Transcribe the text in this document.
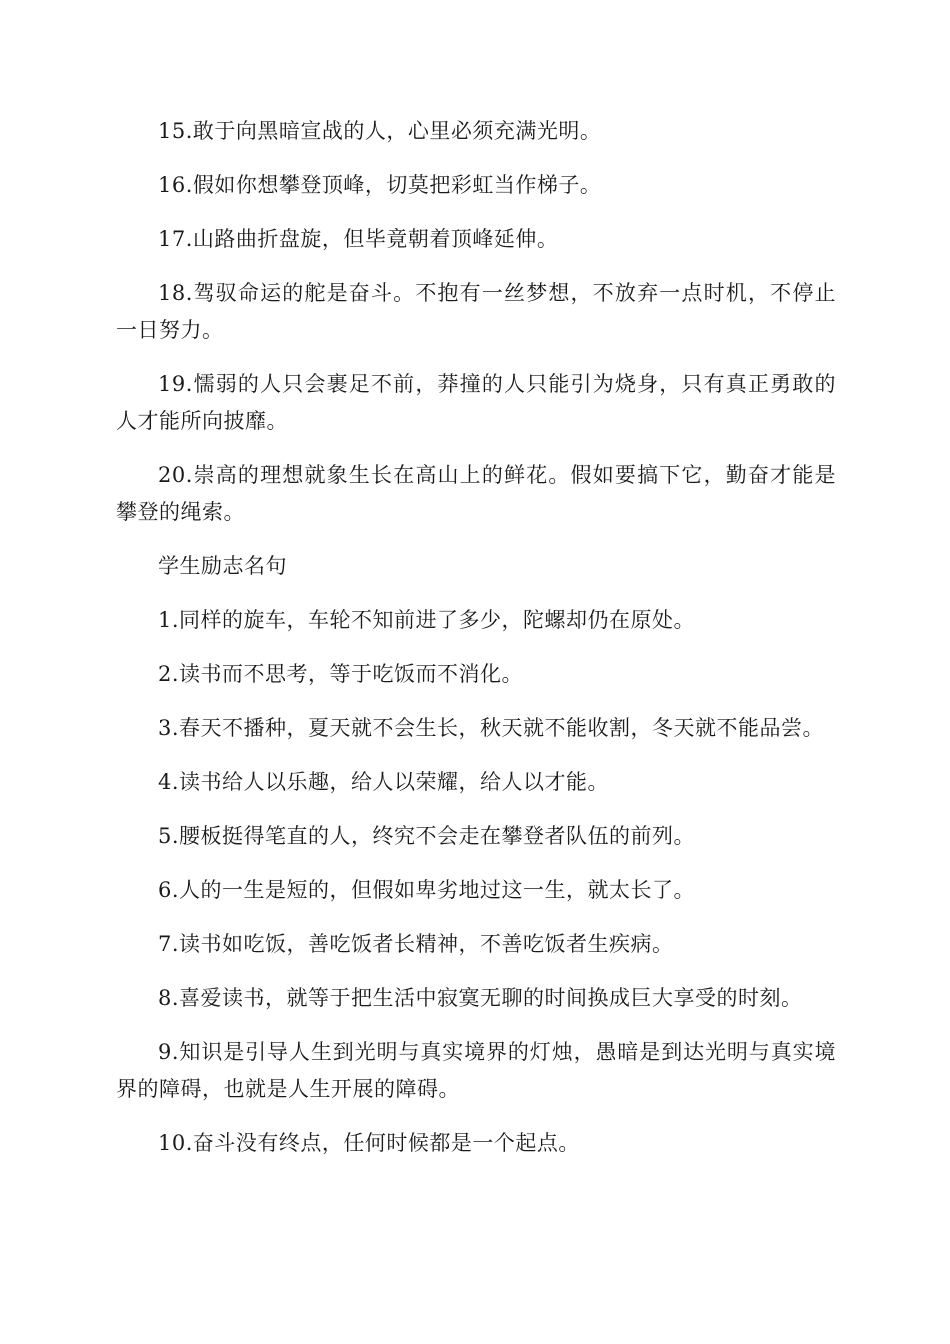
15.敢于向黑暗宣战的人，心里必须充满光明。

16.假如你想攀登顶峰，切莫把彩虹当作梯子。

17.山路曲折盘旋，但毕竟朝着顶峰延伸。

18.驾驭命运的舵是奋斗。不抱有一丝梦想，不放弃一点时机，不停止一日努力。

19.懦弱的人只会裹足不前，莽撞的人只能引为烧身，只有真正勇敢的人才能所向披靡。

20.崇高的理想就象生长在高山上的鲜花。假如要搞下它，勤奋才能是攀登的绳索。

学生励志名句

1.同样的旋车，车轮不知前进了多少，陀螺却仍在原处。

2.读书而不思考，等于吃饭而不消化。

3.春天不播种，夏天就不会生长，秋天就不能收割，冬天就不能品尝。

4.读书给人以乐趣，给人以荣耀，给人以才能。

5.腰板挺得笔直的人，终究不会走在攀登者队伍的前列。

6.人的一生是短的，但假如卑劣地过这一生，就太长了。

7.读书如吃饭，善吃饭者长精神，不善吃饭者生疾病。

8.喜爱读书，就等于把生活中寂寞无聊的时间换成巨大享受的时刻。

9.知识是引导人生到光明与真实境界的灯烛，愚暗是到达光明与真实境界的障碍，也就是人生开展的障碍。

10.奋斗没有终点，任何时候都是一个起点。
